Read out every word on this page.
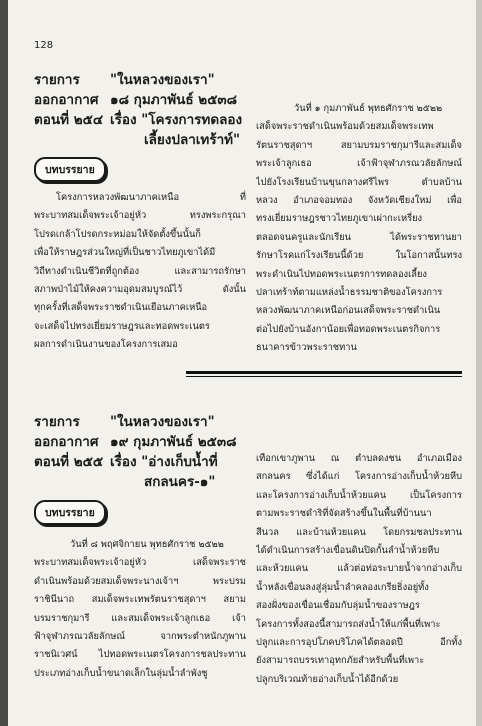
128
รายการ "ในหลวงของเรา"
ออกอากาศ ๑๘ กุมภาพันธ์ ๒๕๓๘
ตอนที่ ๒๕๔ เรื่อง "โครงการทดลอง
เลี้ยงปลาเทร้าท์"
บทบรรยาย
โครงการหลวงพัฒนาภาคเหนือ ที่
พระบาทสมเด็จพระเจ้าอยู่หัว ทรงพระกรุณา
โปรดเกล้าโปรดกระหม่อมให้จัดตั้งขึ้นนั้นก็
เพื่อให้ราษฎรส่วนใหญ่ที่เป็นชาวไทยภูเขาได้มี
วิถีทางดำเนินชีวิตที่ถูกต้อง และสามารถรักษา
สภาพป่าไม้ให้คงความอุดมสมบูรณ์ไว้ ดังนั้น
ทุกครั้งที่เสด็จพระราชดำเนินเยือนภาคเหนือ
จะเสด็จไปทรงเยี่ยมราษฎรและทอดพระเนตร
ผลการดำเนินงานของโครงการเสมอ
วันที่ ๑ กุมภาพันธ์ พุทธศักราช ๒๕๒๒
เสด็จพระราชดำเนินพร้อมด้วยสมเด็จพระเทพ
รัตนราชสุดาฯ สยามบรมราชกุมารีและสมเด็จ
พระเจ้าลูกเธอ เจ้าฟ้าจุฬาภรณวลัยลักษณ์
ไปยังโรงเรียนบ้านขุนกลางศรีไพร ตำบลบ้าน
หลวง อำเภอจอมทอง จังหวัดเชียงใหม่ เพื่อ
ทรงเยี่ยมราษฎรชาวไทยภูเขาเผ่ากะเหรี่ยง
ตลอดจนครูและนักเรียน ได้พระราชทานยา
รักษาโรคแก่โรงเรียนนี้ด้วย ในโอกาสนั้นทรง
พระดำเนินไปทอดพระเนตรการทดลองเลี้ยง
ปลาเทร้าท์ตามแหล่งน้ำธรรมชาติของโครงการ
หลวงพัฒนาภาคเหนือก่อนเสด็จพระราชดำเนิน
ต่อไปยังบ้านอังกาน้อยเพื่อทอดพระเนตรกิจการ
ธนาคารข้าวพระราชทาน
รายการ "ในหลวงของเรา"
ออกอากาศ ๑๙ กุมภาพันธ์ ๒๕๓๘
ตอนที่ ๒๕๕ เรื่อง "อ่างเก็บน้ำที่
สกลนคร-๑"
บทบรรยาย
วันที่ ๘ พฤศจิกายน พุทธศักราช ๒๕๒๒
พระบาทสมเด็จพระเจ้าอยู่หัว เสด็จพระราช
ดำเนินพร้อมด้วยสมเด็จพระนางเจ้าฯ พระบรม
ราชินีนาถ สมเด็จพระเทพรัตนราชสุดาฯ สยาม
บรมราชกุมารี และสมเด็จพระเจ้าลูกเธอ เจ้า
ฟ้าจุฬาภรณวลัยลักษณ์ จากพระตำหนักภูพาน
ราชนิเวศน์ ไปทอดพระเนตรโครงการชลประทาน
ประเภทอ่างเก็บน้ำขนาดเล็กในลุ่มน้ำลำพังชู
เทือกเขาภูพาน ณ ตำบลดงชน อำเภอเมือง
สกลนคร ซึ่งได้แก่ โครงการอ่างเก็บน้ำห้วยหีบ
และโครงการอ่างเก็บน้ำห้วยแคน เป็นโครงการ
ตามพระราชดำริที่จัดสร้างขึ้นในพื้นที่บ้านนา
สีนวล และบ้านห้วยแคน โดยกรมชลประทาน
ได้ดำเนินการสร้างเขื่อนดินปิดกั้นลำน้ำห้วยหีบ
และห้วยแคน แล้วต่อท่อระบายน้ำจากอ่างเก็บ
น้ำหลังเขื่อนลงสู่ลุ่มน้ำลำคลองเกรียธิ่งอยู่ทั้ง
สองฝั่งของเขื่อนเชื่อมกับลุ่มน้ำของราษฎร
โครงการทั้งสองนี้สามารถส่งน้ำให้แก่พื้นที่เพาะ
ปลูกและการอุปโภคบริโภคได้ตลอดปี อีกทั้ง
ยังสามารถบรรเทาอุทกภัยสำหรับพื้นที่เพาะ
ปลูกบริเวณท้ายอ่างเก็บน้ำได้อีกด้วย
